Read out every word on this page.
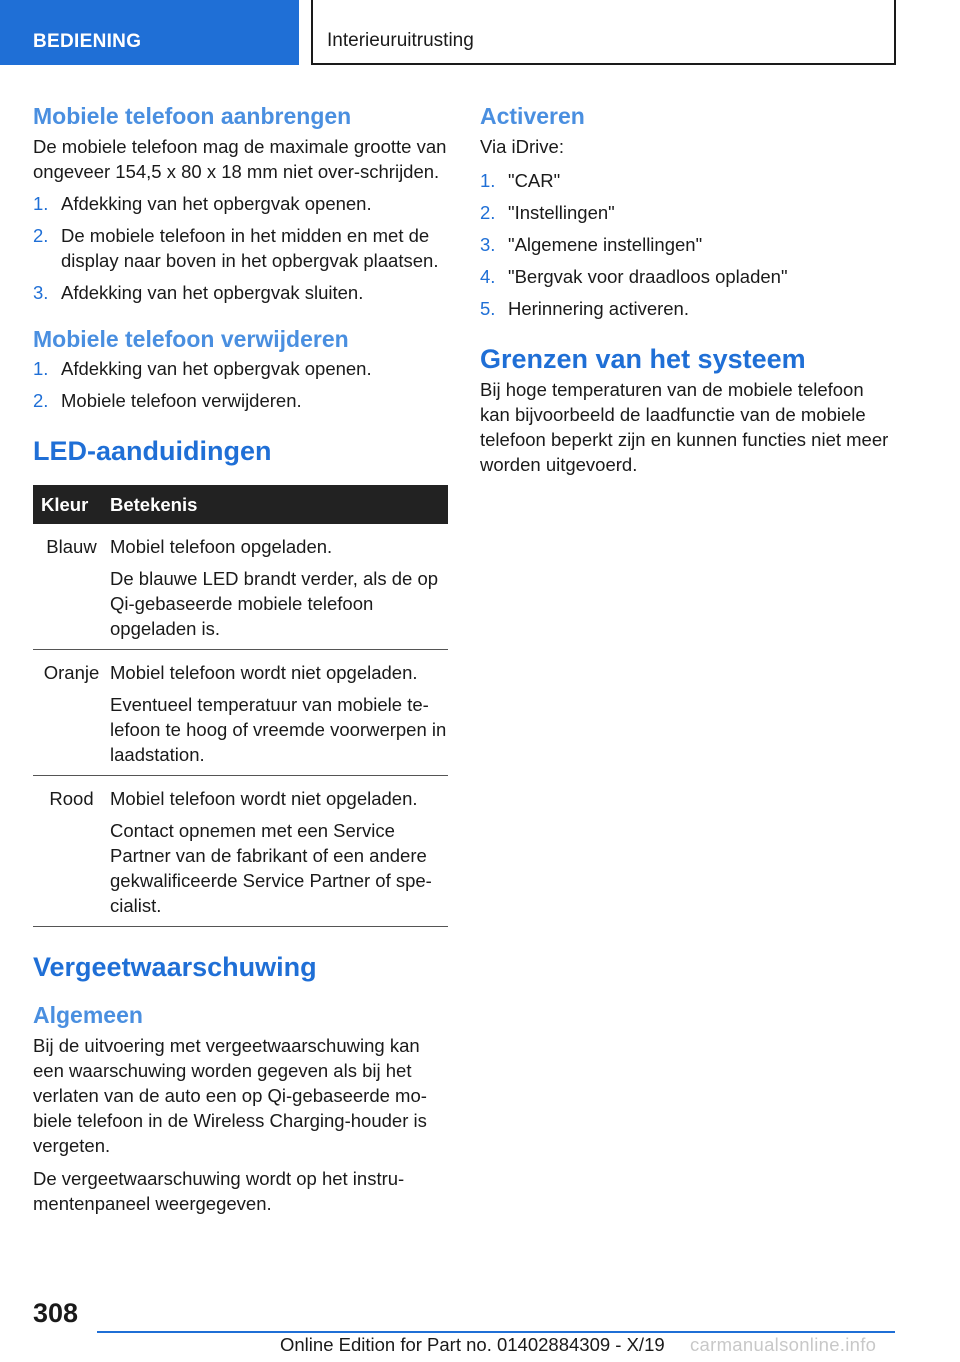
BEDIENING	Interieuruitrusting
Mobiele telefoon aanbrengen
De mobiele telefoon mag de maximale grootte van ongeveer 154,5 x 80 x 18 mm niet over-schrijden.
1. Afdekking van het opbergvak openen.
2. De mobiele telefoon in het midden en met de display naar boven in het opbergvak plaatsen.
3. Afdekking van het opbergvak sluiten.
Mobiele telefoon verwijderen
1. Afdekking van het opbergvak openen.
2. Mobiele telefoon verwijderen.
LED-aanduidingen
Kleur	Betekenis
Blauw	Mobiel telefoon opgeladen.
De blauwe LED brandt verder, als de op Qi-gebaseerde mobiele telefoon opgeladen is.

Oranje	Mobiel telefoon wordt niet opgeladen.
Eventueel temperatuur van mobiele te-lefoon te hoog of vreemde voorwerpen in laadstation.

Rood	Mobiel telefoon wordt niet opgeladen.
Contact opnemen met een Service Partner van de fabrikant of een andere gekwalificeerde Service Partner of spe-cialist.
Vergeetwaarschuwing
Algemeen
Bij de uitvoering met vergeetwaarschuwing kan een waarschuwing worden gegeven als bij het verlaten van de auto een op Qi-gebaseerde mo-biele telefoon in de Wireless Charging-houder is vergeten.
De vergeetwaarschuwing wordt op het instru-mentenpaneel weergegeven.
Activeren
Via iDrive:
1. "CAR"
2. "Instellingen"
3. "Algemene instellingen"
4. "Bergvak voor draadloos opladen"
5. Herinnering activeren.
Grenzen van het systeem
Bij hoge temperaturen van de mobiele telefoon kan bijvoorbeeld de laadfunctie van de mobiele telefoon beperkt zijn en kunnen functies niet meer worden uitgevoerd.
308
Online Edition for Part no. 01402884309 - X/19 carmanualsonline.info
